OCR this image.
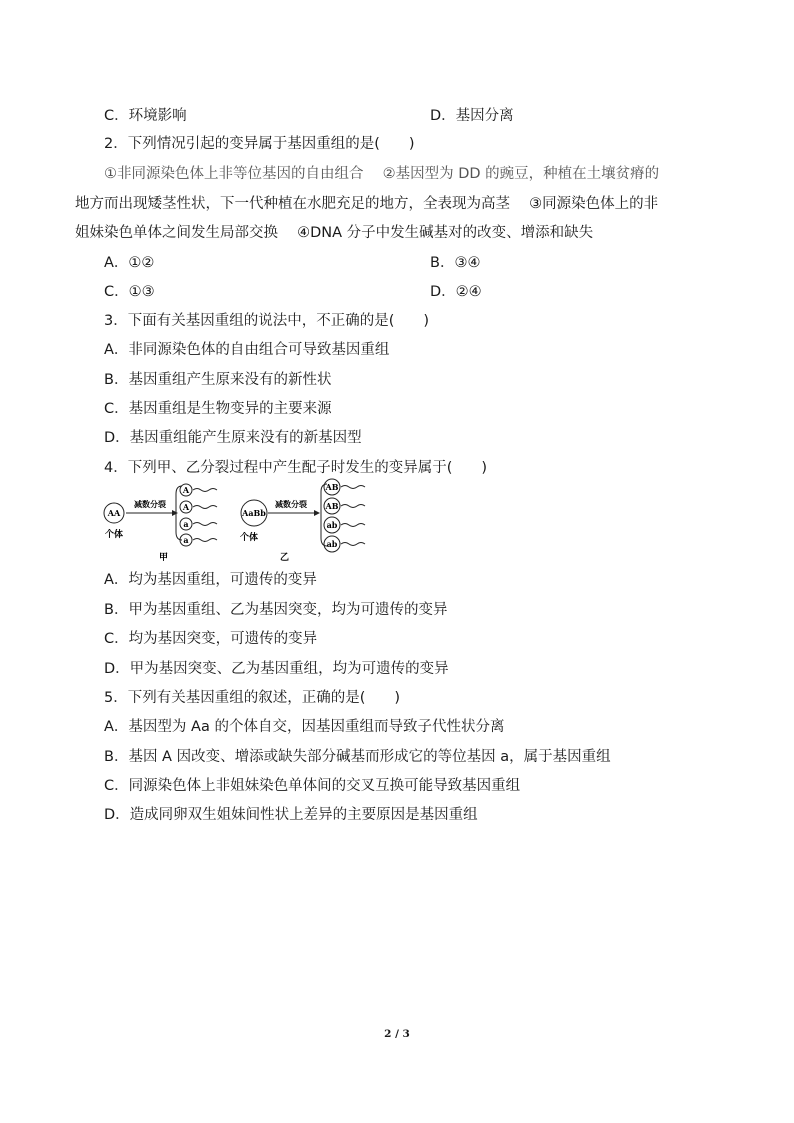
C．环境影响	D．基因分离
2．下列情况引起的变异属于基因重组的是(　　)
①非同源染色体上非等位基因的自由组合　 ②基因型为 DD 的豌豆，种植在土壤贫瘠的
地方而出现矮茎性状，下一代种植在水肥充足的地方，全表现为高茎　 ③同源染色体上的非
姐妹染色单体之间发生局部交换　 ④DNA 分子中发生碱基对的改变、增添和缺失
A．①②	B．③④
C．①③	D．②④
3．下面有关基因重组的说法中，不正确的是(　　)
A．非同源染色体的自由组合可导致基因重组
B．基因重组产生原来没有的新性状
C．基因重组是生物变异的主要来源
D．基因重组能产生原来没有的新基因型
4．下列甲、乙分裂过程中产生配子时发生的变异属于(　　)
AA
个体
减数分裂
A
A
a
a
甲
AaBb
个体
减数分裂
AB
AB
ab
ab
乙
A．均为基因重组，可遗传的变异
B．甲为基因重组、乙为基因突变，均为可遗传的变异
C．均为基因突变，可遗传的变异
D．甲为基因突变、乙为基因重组，均为可遗传的变异
5．下列有关基因重组的叙述，正确的是(　　)
A．基因型为 Aa 的个体自交，因基因重组而导致子代性状分离
B．基因 A 因改变、增添或缺失部分碱基而形成它的等位基因 a，属于基因重组
C．同源染色体上非姐妹染色单体间的交叉互换可能导致基因重组
D．造成同卵双生姐妹间性状上差异的主要原因是基因重组
2 / 3
